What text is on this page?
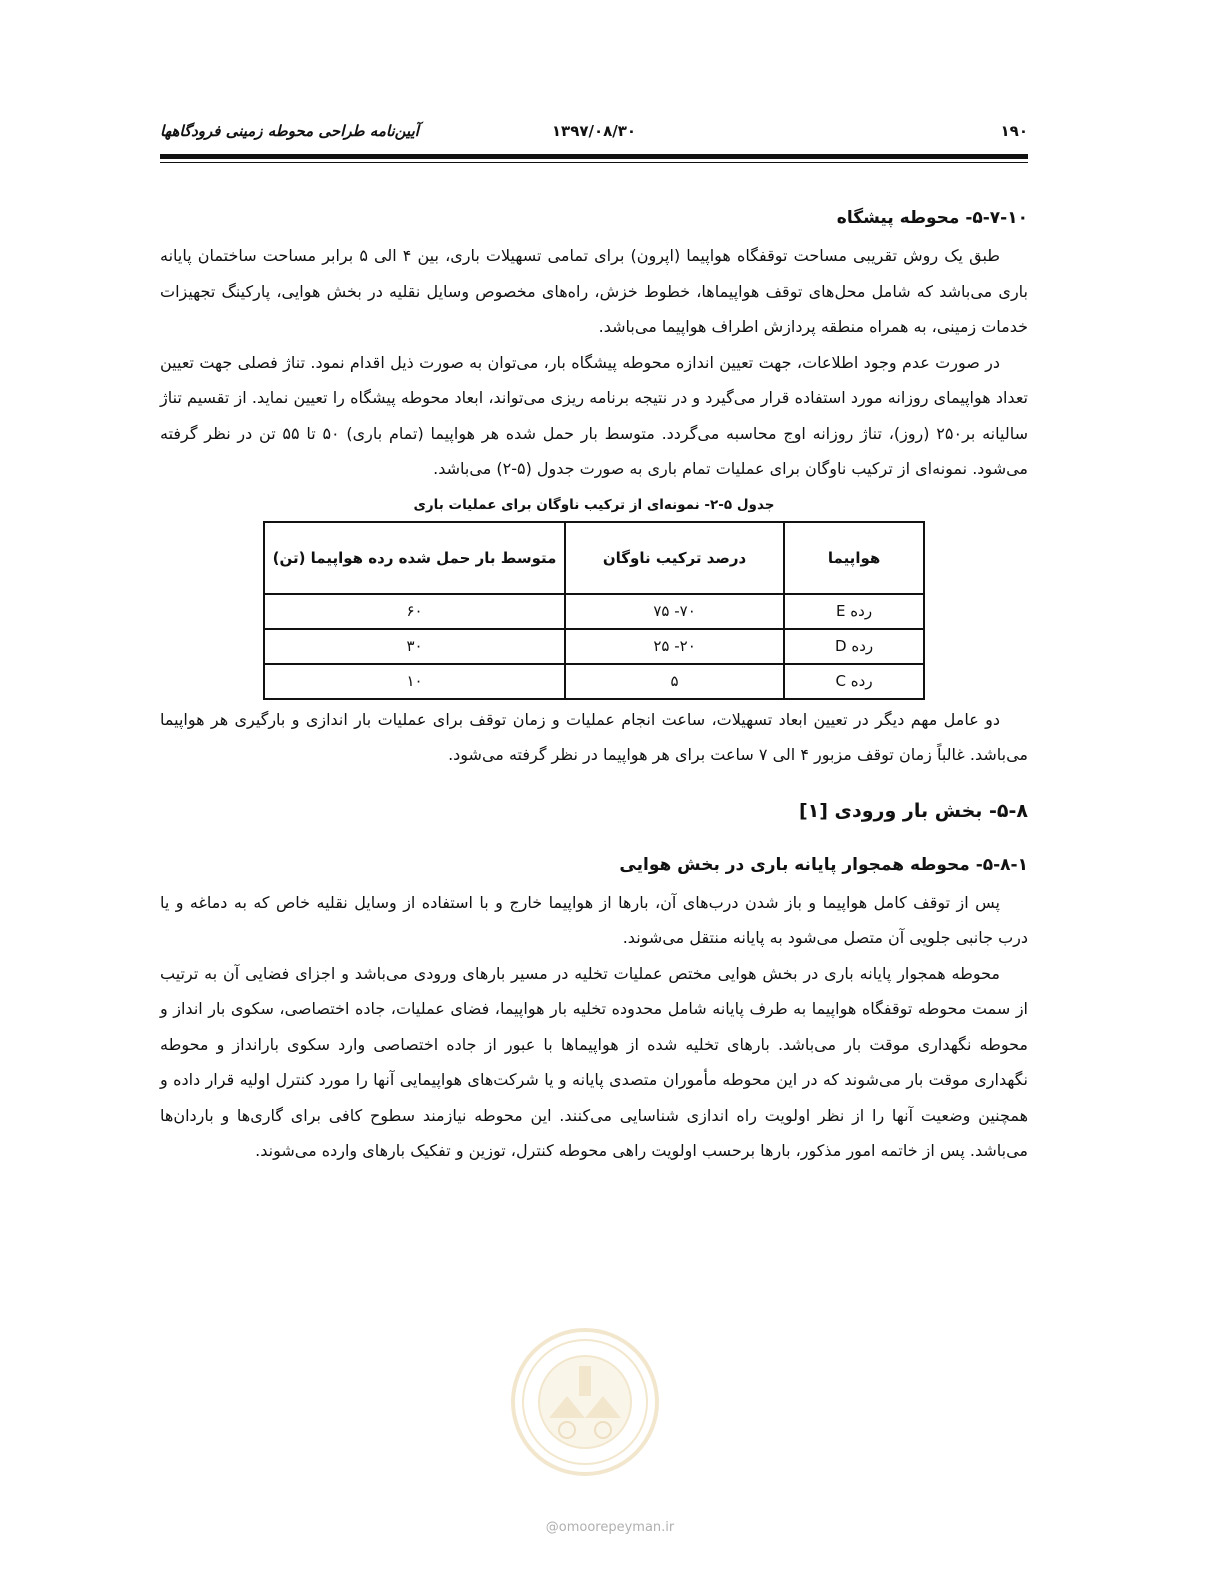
۱۹۰
۱۳۹۷/۰۸/۳۰
آیین‌نامه طراحی محوطه زمینی فرودگاهها
۵-۷-۱۰- محوطه پیشگاه

طبق یک روش تقریبی مساحت توقفگاه هواپیما (اپرون) برای تمامی تسهیلات باری، بین ۴ الی ۵ برابر مساحت ساختمان پایانه باری می‌باشد که شامل محل‌های توقف هواپیماها، خطوط خزش، راه‌های مخصوص وسایل نقلیه در بخش هوایی، پارکینگ تجهیزات خدمات زمینی، به همراه منطقه پردازش اطراف هواپیما می‌باشد.

در صورت عدم وجود اطلاعات، جهت تعیین اندازه محوطه پیشگاه بار، می‌توان به صورت ذیل اقدام نمود. تناژ فصلی جهت تعیین تعداد هواپیمای روزانه مورد استفاده قرار می‌گیرد و در نتیجه برنامه ریزی می‌تواند، ابعاد محوطه پیشگاه را تعیین نماید. از تقسیم تناژ سالیانه بر۲۵۰ (روز)، تناژ روزانه اوج محاسبه می‌گردد. متوسط بار حمل شده هر هواپیما (تمام باری) ۵۰ تا ۵۵ تن در نظر گرفته می‌شود. نمونه‌ای از ترکیب ناوگان برای عملیات تمام باری به صورت جدول (۵-۲) می‌باشد.

جدول ۵-۲- نمونه‌ای از ترکیب ناوگان برای عملیات باری
هواپیما	درصد ترکیب ناوگان	متوسط بار حمل شده رده هواپیما (تن)
رده E	۷۰- ۷۵	۶۰
رده D	۲۰- ۲۵	۳۰
رده C	۵	۱۰

دو عامل مهم دیگر در تعیین ابعاد تسهیلات، ساعت انجام عملیات و زمان توقف برای عملیات بار اندازی و بارگیری هر هواپیما می‌باشد. غالباً زمان توقف مزبور ۴ الی ۷ ساعت برای هر هواپیما در نظر گرفته می‌شود.

۵-۸- بخش بار ورودی [۱]
۵-۸-۱- محوطه همجوار پایانه باری در بخش هوایی

پس از توقف کامل هواپیما و باز شدن درب‌های آن، بارها از هواپیما خارج و با استفاده از وسایل نقلیه خاص که به دماغه و یا درب جانبی جلویی آن متصل می‌شود به پایانه منتقل می‌شوند.

محوطه همجوار پایانه باری در بخش هوایی مختص عملیات تخلیه در مسیر بارهای ورودی می‌باشد و اجزای فضایی آن به ترتیب از سمت محوطه توقفگاه هواپیما به طرف پایانه شامل محدوده تخلیه بار هواپیما، فضای عملیات، جاده اختصاصی، سکوی بار انداز و محوطه نگهداری موقت بار می‌باشد. بارهای تخلیه شده از هواپیماها با عبور از جاده اختصاصی وارد سکوی بارانداز و محوطه نگهداری موقت بار می‌شوند که در این محوطه مأموران متصدی پایانه و یا شرکت‌های هواپیمایی آنها را مورد کنترل اولیه قرار داده و همچنین وضعیت آنها را از نظر اولویت راه اندازی شناسایی می‌کنند. این محوطه نیازمند سطوح کافی برای گاری‌ها و باردان‌ها می‌باشد. پس از خاتمه امور مذکور، بارها برحسب اولویت راهی محوطه کنترل، توزین و تفکیک بارهای وارده می‌شوند.

@omoorepeyman.ir
